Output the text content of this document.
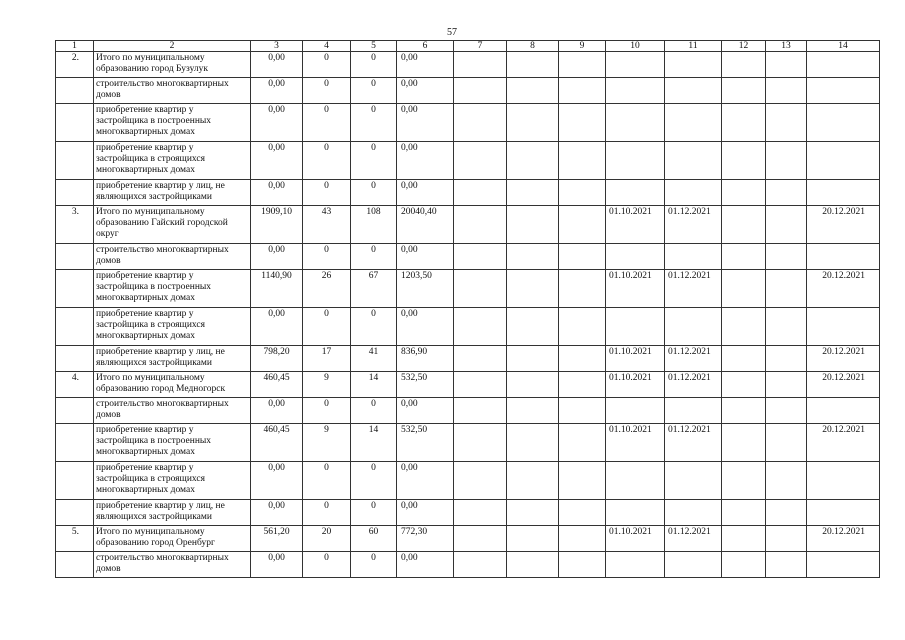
57
1	2	3	4	5	6	7	8	9	10	11	12	13	14
2.	Итого по муниципальному образованию город Бузулук	0,00	0	0	0,00								
	строительство многоквартирных домов	0,00	0	0	0,00								
	приобретение квартир у застройщика в построенных многоквартирных домах	0,00	0	0	0,00								
	приобретение квартир у застройщика в строящихся многоквартирных домах	0,00	0	0	0,00								
	приобретение квартир у лиц, не являющихся застройщиками	0,00	0	0	0,00								
3.	Итого по муниципальному образованию Гайский городской округ	1909,10	43	108	20040,40				01.10.2021	01.12.2021			20.12.2021
	строительство многоквартирных домов	0,00	0	0	0,00								
	приобретение квартир у застройщика в построенных многоквартирных домах	1140,90	26	67	1203,50				01.10.2021	01.12.2021			20.12.2021
	приобретение квартир у застройщика в строящихся многоквартирных домах	0,00	0	0	0,00								
	приобретение квартир у лиц, не являющихся застройщиками	798,20	17	41	836,90				01.10.2021	01.12.2021			20.12.2021
4.	Итого по муниципальному образованию город Медногорск	460,45	9	14	532,50				01.10.2021	01.12.2021			20.12.2021
	строительство многоквартирных домов	0,00	0	0	0,00								
	приобретение квартир у застройщика в построенных многоквартирных домах	460,45	9	14	532,50				01.10.2021	01.12.2021			20.12.2021
	приобретение квартир у застройщика в строящихся многоквартирных домах	0,00	0	0	0,00								
	приобретение квартир у лиц, не являющихся застройщиками	0,00	0	0	0,00								
5.	Итого по муниципальному образованию город Оренбург	561,20	20	60	772,30				01.10.2021	01.12.2021			20.12.2021
	строительство многоквартирных домов	0,00	0	0	0,00								
